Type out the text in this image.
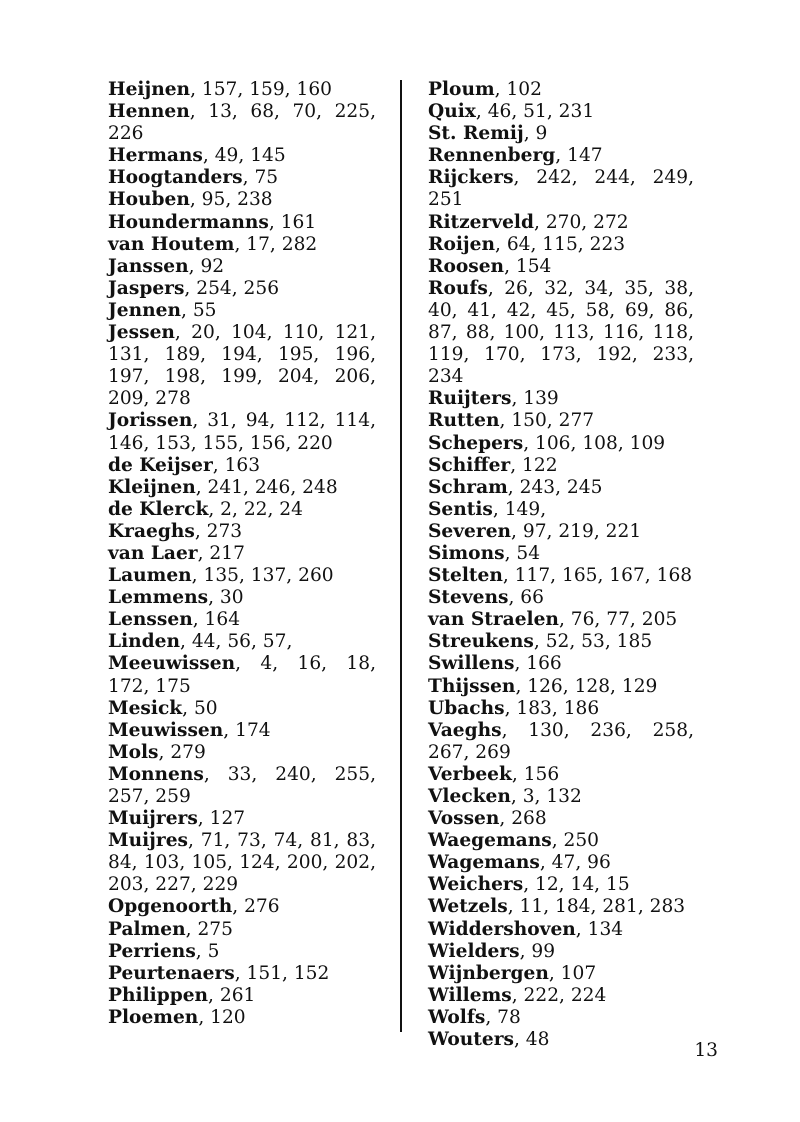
Heijnen, 157, 159, 160

Hennen, 13, 68, 70, 225, 226

Hermans, 49, 145

Hoogtanders, 75

Houben, 95, 238

Houndermanns, 161

van Houtem, 17, 282

Janssen, 92

Jaspers, 254, 256

Jennen, 55

Jessen, 20, 104, 110, 121, 131, 189, 194, 195, 196, 197, 198, 199, 204, 206, 209, 278

Jorissen, 31, 94, 112, 114, 146, 153, 155, 156, 220

de Keijser, 163

Kleijnen, 241, 246, 248

de Klerck, 2, 22, 24

Kraeghs, 273

van Laer, 217

Laumen, 135, 137, 260

Lemmens, 30

Lenssen, 164

Linden, 44, 56, 57,

Meeuwissen, 4, 16, 18, 172, 175

Mesick, 50

Meuwissen, 174

Mols, 279

Monnens, 33, 240, 255, 257, 259

Muijrers, 127

Muijres, 71, 73, 74, 81, 83, 84, 103, 105, 124, 200, 202, 203, 227, 229

Opgenoorth, 276

Palmen, 275

Perriens, 5

Peurtenaers, 151, 152

Philippen, 261

Ploemen, 120

Ploum, 102

Quix, 46, 51, 231

St. Remij, 9

Rennenberg, 147

Rijckers, 242, 244, 249, 251

Ritzerveld, 270, 272

Roijen, 64, 115, 223

Roosen, 154

Roufs, 26, 32, 34, 35, 38, 40, 41, 42, 45, 58, 69, 86, 87, 88, 100, 113, 116, 118, 119, 170, 173, 192, 233, 234

Ruijters, 139

Rutten, 150, 277

Schepers, 106, 108, 109

Schiffer, 122

Schram, 243, 245

Sentis, 149,

Severen, 97, 219, 221

Simons, 54

Stelten, 117, 165, 167, 168

Stevens, 66

van Straelen, 76, 77, 205

Streukens, 52, 53, 185

Swillens, 166

Thijssen, 126, 128, 129

Ubachs, 183, 186

Vaeghs, 130, 236, 258, 267, 269

Verbeek, 156

Vlecken, 3, 132

Vossen, 268

Waegemans, 250

Wagemans, 47, 96

Weichers, 12, 14, 15

Wetzels, 11, 184, 281, 283

Widdershoven, 134

Wielders, 99

Wijnbergen, 107

Willems, 222, 224

Wolfs, 78

Wouters, 48

13
